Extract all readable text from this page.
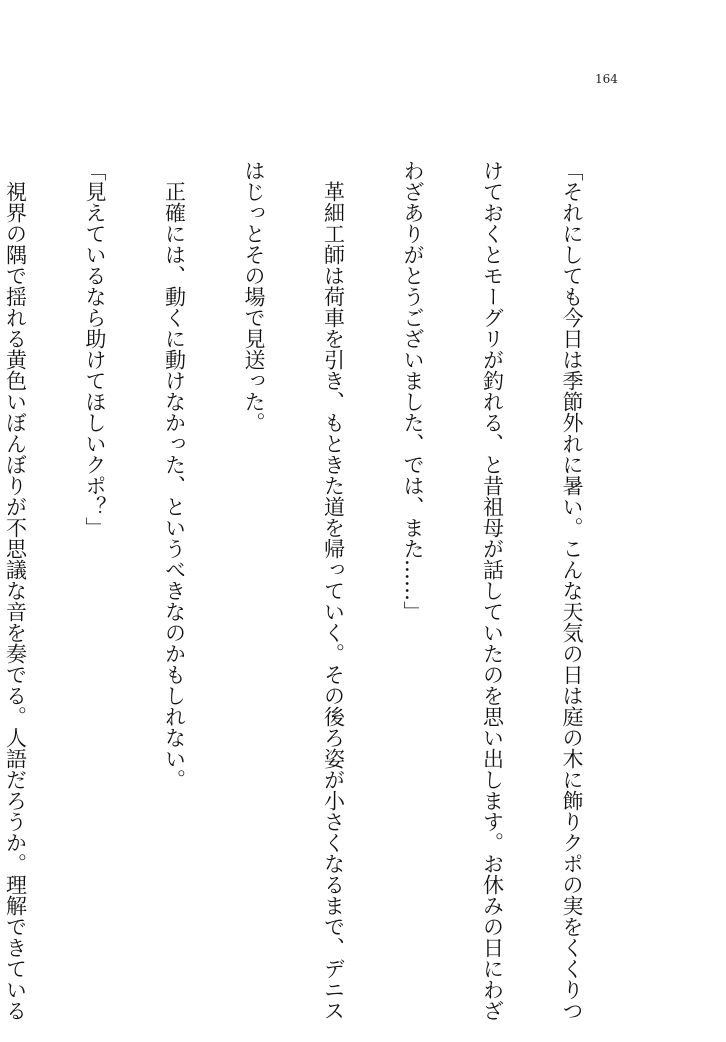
164

「それにしても今日は季節外れに暑い。こんな天気の日は庭の木に飾りクポの実をくくりつ

けておくとモーグリが釣れる、と昔祖母が話していたのを思い出します。お休みの日にわざ

わざありがとうございました、では、また……」

　革細工師は荷車を引き、もときた道を帰っていく。その後ろ姿が小さくなるまで、デニス

はじっとその場で見送った。

　正確には、動くに動けなかった、というべきなのかもしれない。

「見えているなら助けてほしいクポ？」

　視界の隅で揺れる黄色いぼんぼりが不思議な音を奏でる。人語だろうか。理解できている
